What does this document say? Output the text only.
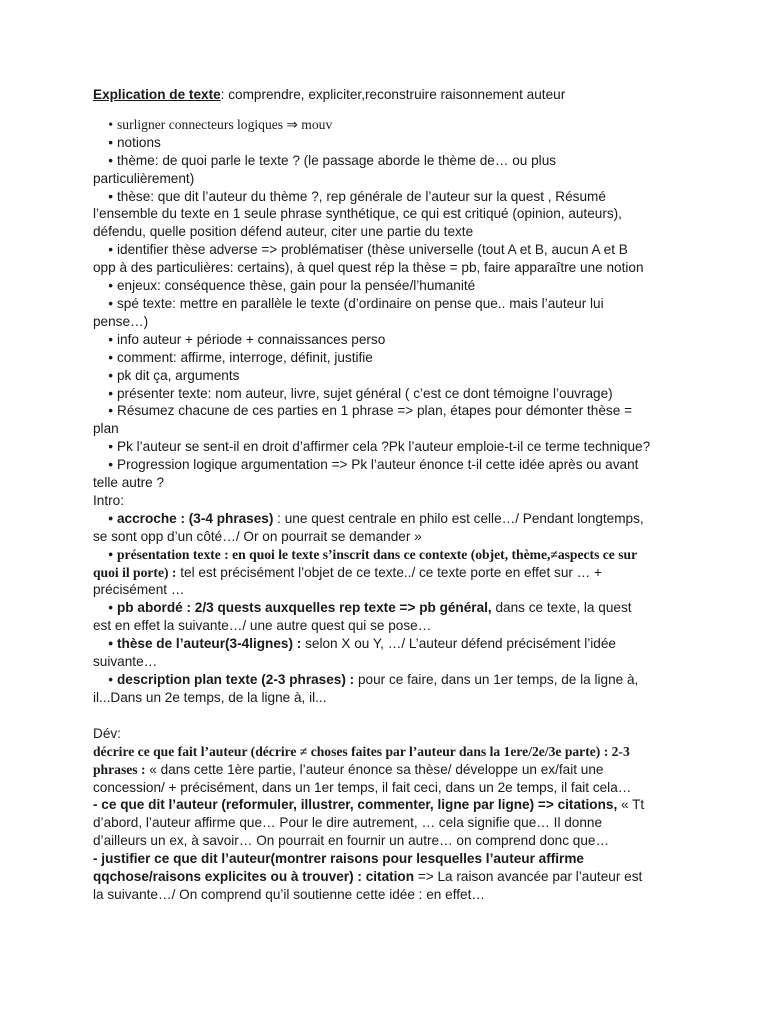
Explication de texte: comprendre, expliciter,reconstruire raisonnement auteur

• surligner connecteurs logiques ⇒ mouv

• notions

• thème: de quoi parle le texte ? (le passage aborde le thème de… ou plus

particulièrement)

• thèse: que dit l’auteur du thème ?, rep générale de l’auteur sur la quest , Résumé

l’ensemble du texte en 1 seule phrase synthétique, ce qui est critiqué (opinion, auteurs),

défendu, quelle position défend auteur, citer une partie du texte

• identifier thèse adverse => problématiser (thèse universelle (tout A et B, aucun A et B

opp à des particulières: certains), à quel quest rép la thèse = pb, faire apparaître une notion

• enjeux: conséquence thèse, gain pour la pensée/l’humanité

• spé texte: mettre en parallèle le texte (d’ordinaire on pense que.. mais l’auteur lui

pense…)

• info auteur + période + connaissances perso

• comment: affirme, interroge, définit, justifie

• pk dit ça, arguments

• présenter texte: nom auteur, livre, sujet général ( c’est ce dont témoigne l’ouvrage)

• Résumez chacune de ces parties en 1 phrase => plan, étapes pour démonter thèse =

plan

• Pk l’auteur se sent-il en droit d’affirmer cela ?Pk l’auteur emploie-t-il ce terme technique?

• Progression logique argumentation => Pk l’auteur énonce t-il cette idée après ou avant

telle autre ?

Intro:

• accroche : (3-4 phrases) : une quest centrale en philo est celle…/ Pendant longtemps,

se sont opp d’un côté…/ Or on pourrait se demander »

• présentation texte : en quoi le texte s’inscrit dans ce contexte (objet, thème,≠aspects ce sur

quoi il porte) : tel est précisément l’objet de ce texte../ ce texte porte en effet sur … +

précisément …

• pb abordé : 2/3 quests auxquelles rep texte => pb général, dans ce texte, la quest

est en effet la suivante…/ une autre quest qui se pose…

• thèse de l’auteur(3-4lignes) : selon X ou Y, …/ L’auteur défend précisément l’idée

suivante…

• description plan texte (2-3 phrases) : pour ce faire, dans un 1er temps, de la ligne à,

il...Dans un 2e temps, de la ligne à, il...

Dév:

décrire ce que fait l’auteur (décrire ≠ choses faites par l’auteur dans la 1ere/2e/3e parte) : 2-3

phrases : « dans cette 1ère partie, l’auteur énonce sa thèse/ développe un ex/fait une

concession/ + précisément, dans un 1er temps, il fait ceci, dans un 2e temps, il fait cela…

- ce que dit l’auteur (reformuler, illustrer, commenter, ligne par ligne) => citations, « Tt

d’abord, l’auteur affirme que… Pour le dire autrement, … cela signifie que… Il donne

d’ailleurs un ex, à savoir… On pourrait en fournir un autre… on comprend donc que…

- justifier ce que dit l’auteur(montrer raisons pour lesquelles l’auteur affirme

qqchose/raisons explicites ou à trouver) : citation => La raison avancée par l’auteur est

la suivante…/ On comprend qu’il soutienne cette idée : en effet…
